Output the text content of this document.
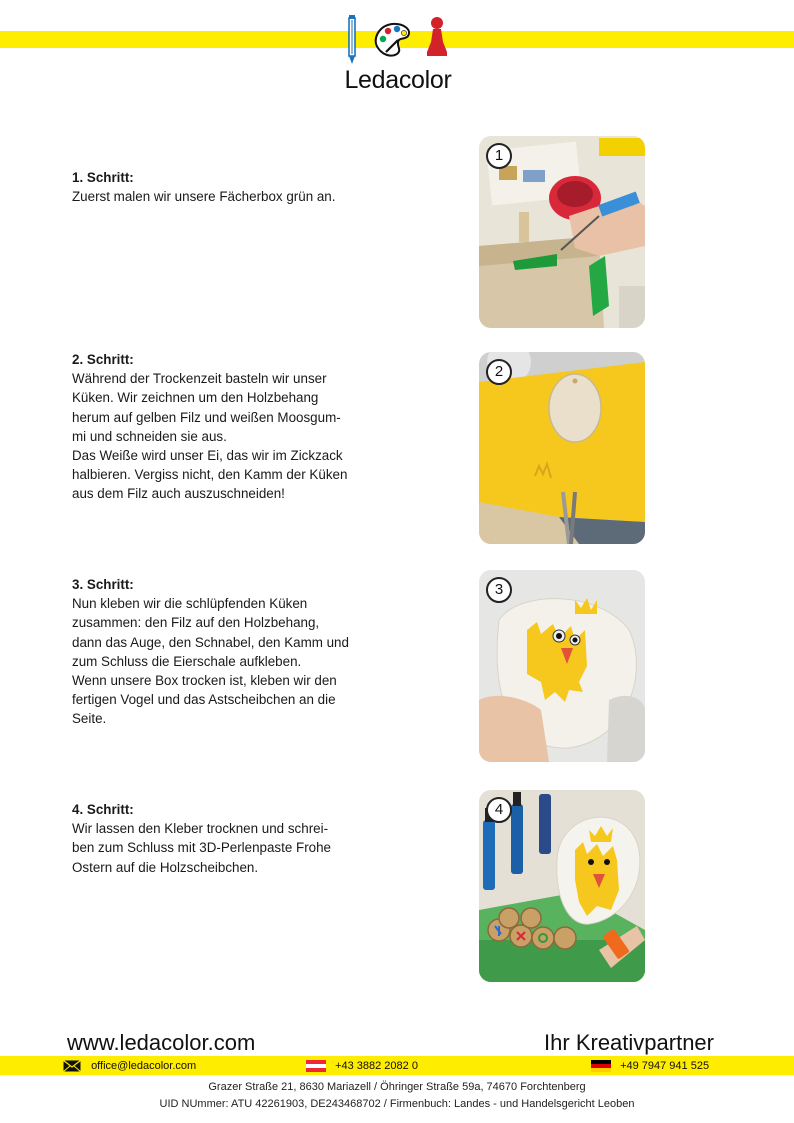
Ledacolor
1. Schritt:
Zuerst malen wir unsere Fächerbox grün an.
2. Schritt:
Während der Trockenzeit basteln wir unser
Küken. Wir zeichnen um den Holzbehang
herum auf gelben Filz und weißen Moosgum-
mi und schneiden sie aus.
Das Weiße wird unser Ei, das wir im Zickzack
halbieren. Vergiss nicht, den Kamm der Küken
aus dem Filz auch auszuschneiden!
3. Schritt:
Nun kleben wir die schlüpfenden Küken
zusammen: den Filz auf den Holzbehang,
dann das Auge, den Schnabel, den Kamm und
zum Schluss die Eierschale aufkleben.
Wenn unsere Box trocken ist, kleben wir den
fertigen Vogel und das Astscheibchen an die
Seite.
4. Schritt:
Wir lassen den Kleber trocknen und schrei-
ben zum Schluss mit 3D-Perlenpaste Frohe
Ostern auf die Holzscheibchen.
1
2
3
4
www.ledacolor.com	Ihr Kreativpartner
office@ledacolor.com	+43 3882 2082 0	+49 7947 941 525
Grazer Straße 21, 8630 Mariazell / Öhringer Straße 59a, 74670 Forchtenberg
UID NUmmer: ATU 42261903, DE243468702 / Firmenbuch: Landes - und Handelsgericht Leoben
